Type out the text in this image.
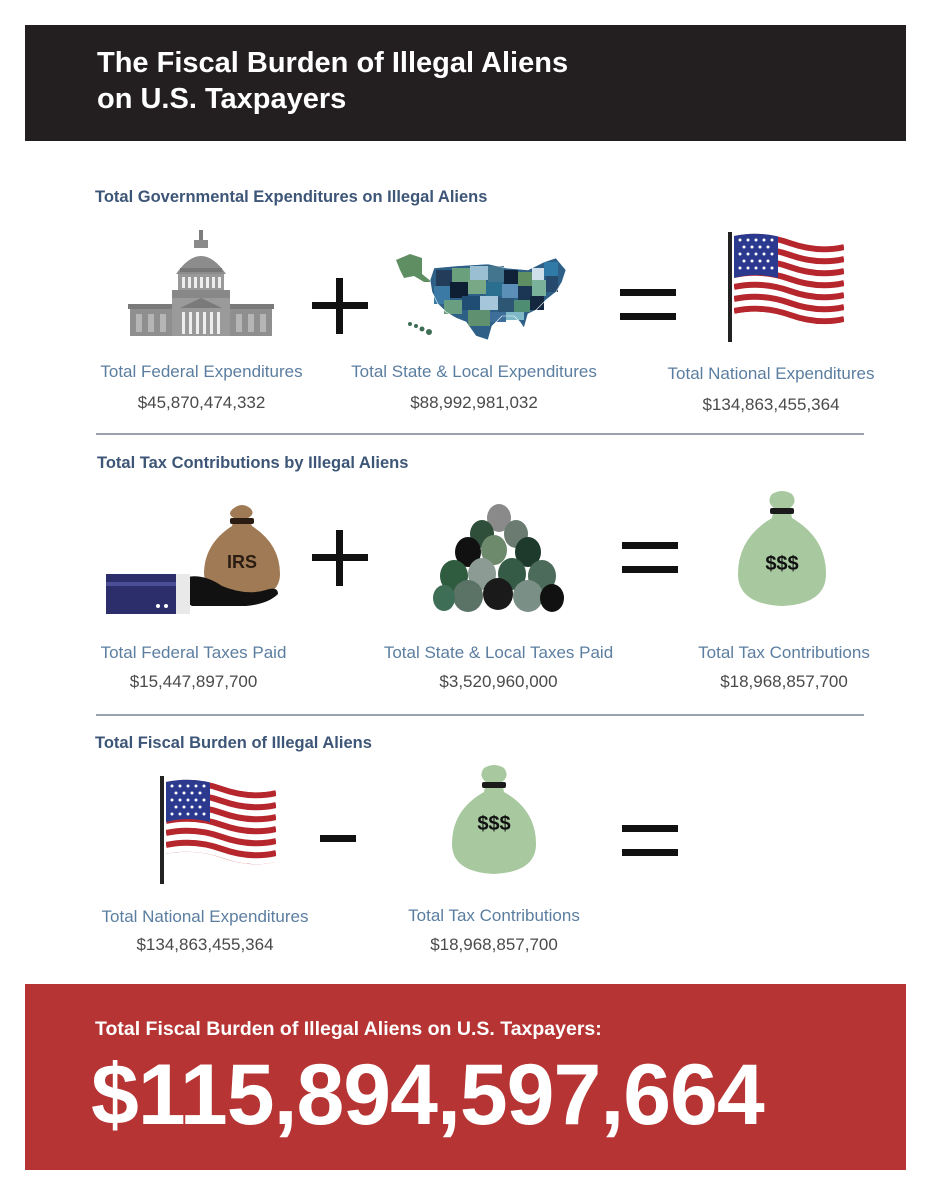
The Fiscal Burden of Illegal Aliens
on U.S. Taxpayers
Total Governmental Expenditures on Illegal Aliens
Total Federal Expenditures
$45,870,474,332
Total State & Local Expenditures
$88,992,981,032
Total National Expenditures
$134,863,455,364
Total Tax Contributions by Illegal Aliens
IRS	$$$
Total Federal Taxes Paid
$15,447,897,700
Total State & Local Taxes Paid
$3,520,960,000
Total Tax Contributions
$18,968,857,700
Total Fiscal Burden of Illegal Aliens
$$$
Total National Expenditures
$134,863,455,364
Total Tax Contributions
$18,968,857,700
Total Fiscal Burden of Illegal Aliens on U.S. Taxpayers:
$115,894,597,664
